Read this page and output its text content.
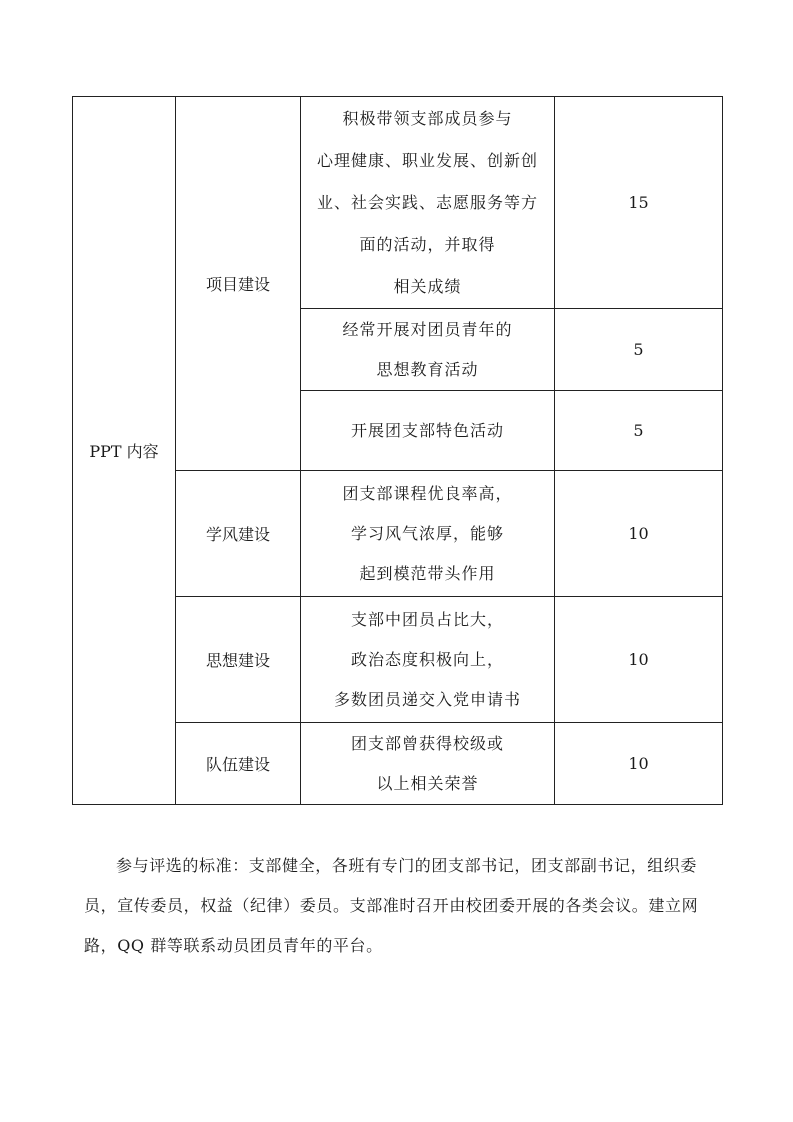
PPT 内容	项目建设	积极带领支部成员参与
心理健康、职业发展、创新创
业、社会实践、志愿服务等方
面的活动，并取得
相关成绩	15
		经常开展对团员青年的
思想教育活动	5
		开展团支部特色活动	5
	学风建设	团支部课程优良率高，
学习风气浓厚，能够
起到模范带头作用	10
	思想建设	支部中团员占比大，
政治态度积极向上，
多数团员递交入党申请书	10
	队伍建设	团支部曾获得校级或
以上相关荣誉	10

参与评选的标准：支部健全，各班有专门的团支部书记，团支部副书记，组织委员，宣传委员，权益（纪律）委员。支部准时召开由校团委开展的各类会议。建立网路，QQ 群等联系动员团员青年的平台。
